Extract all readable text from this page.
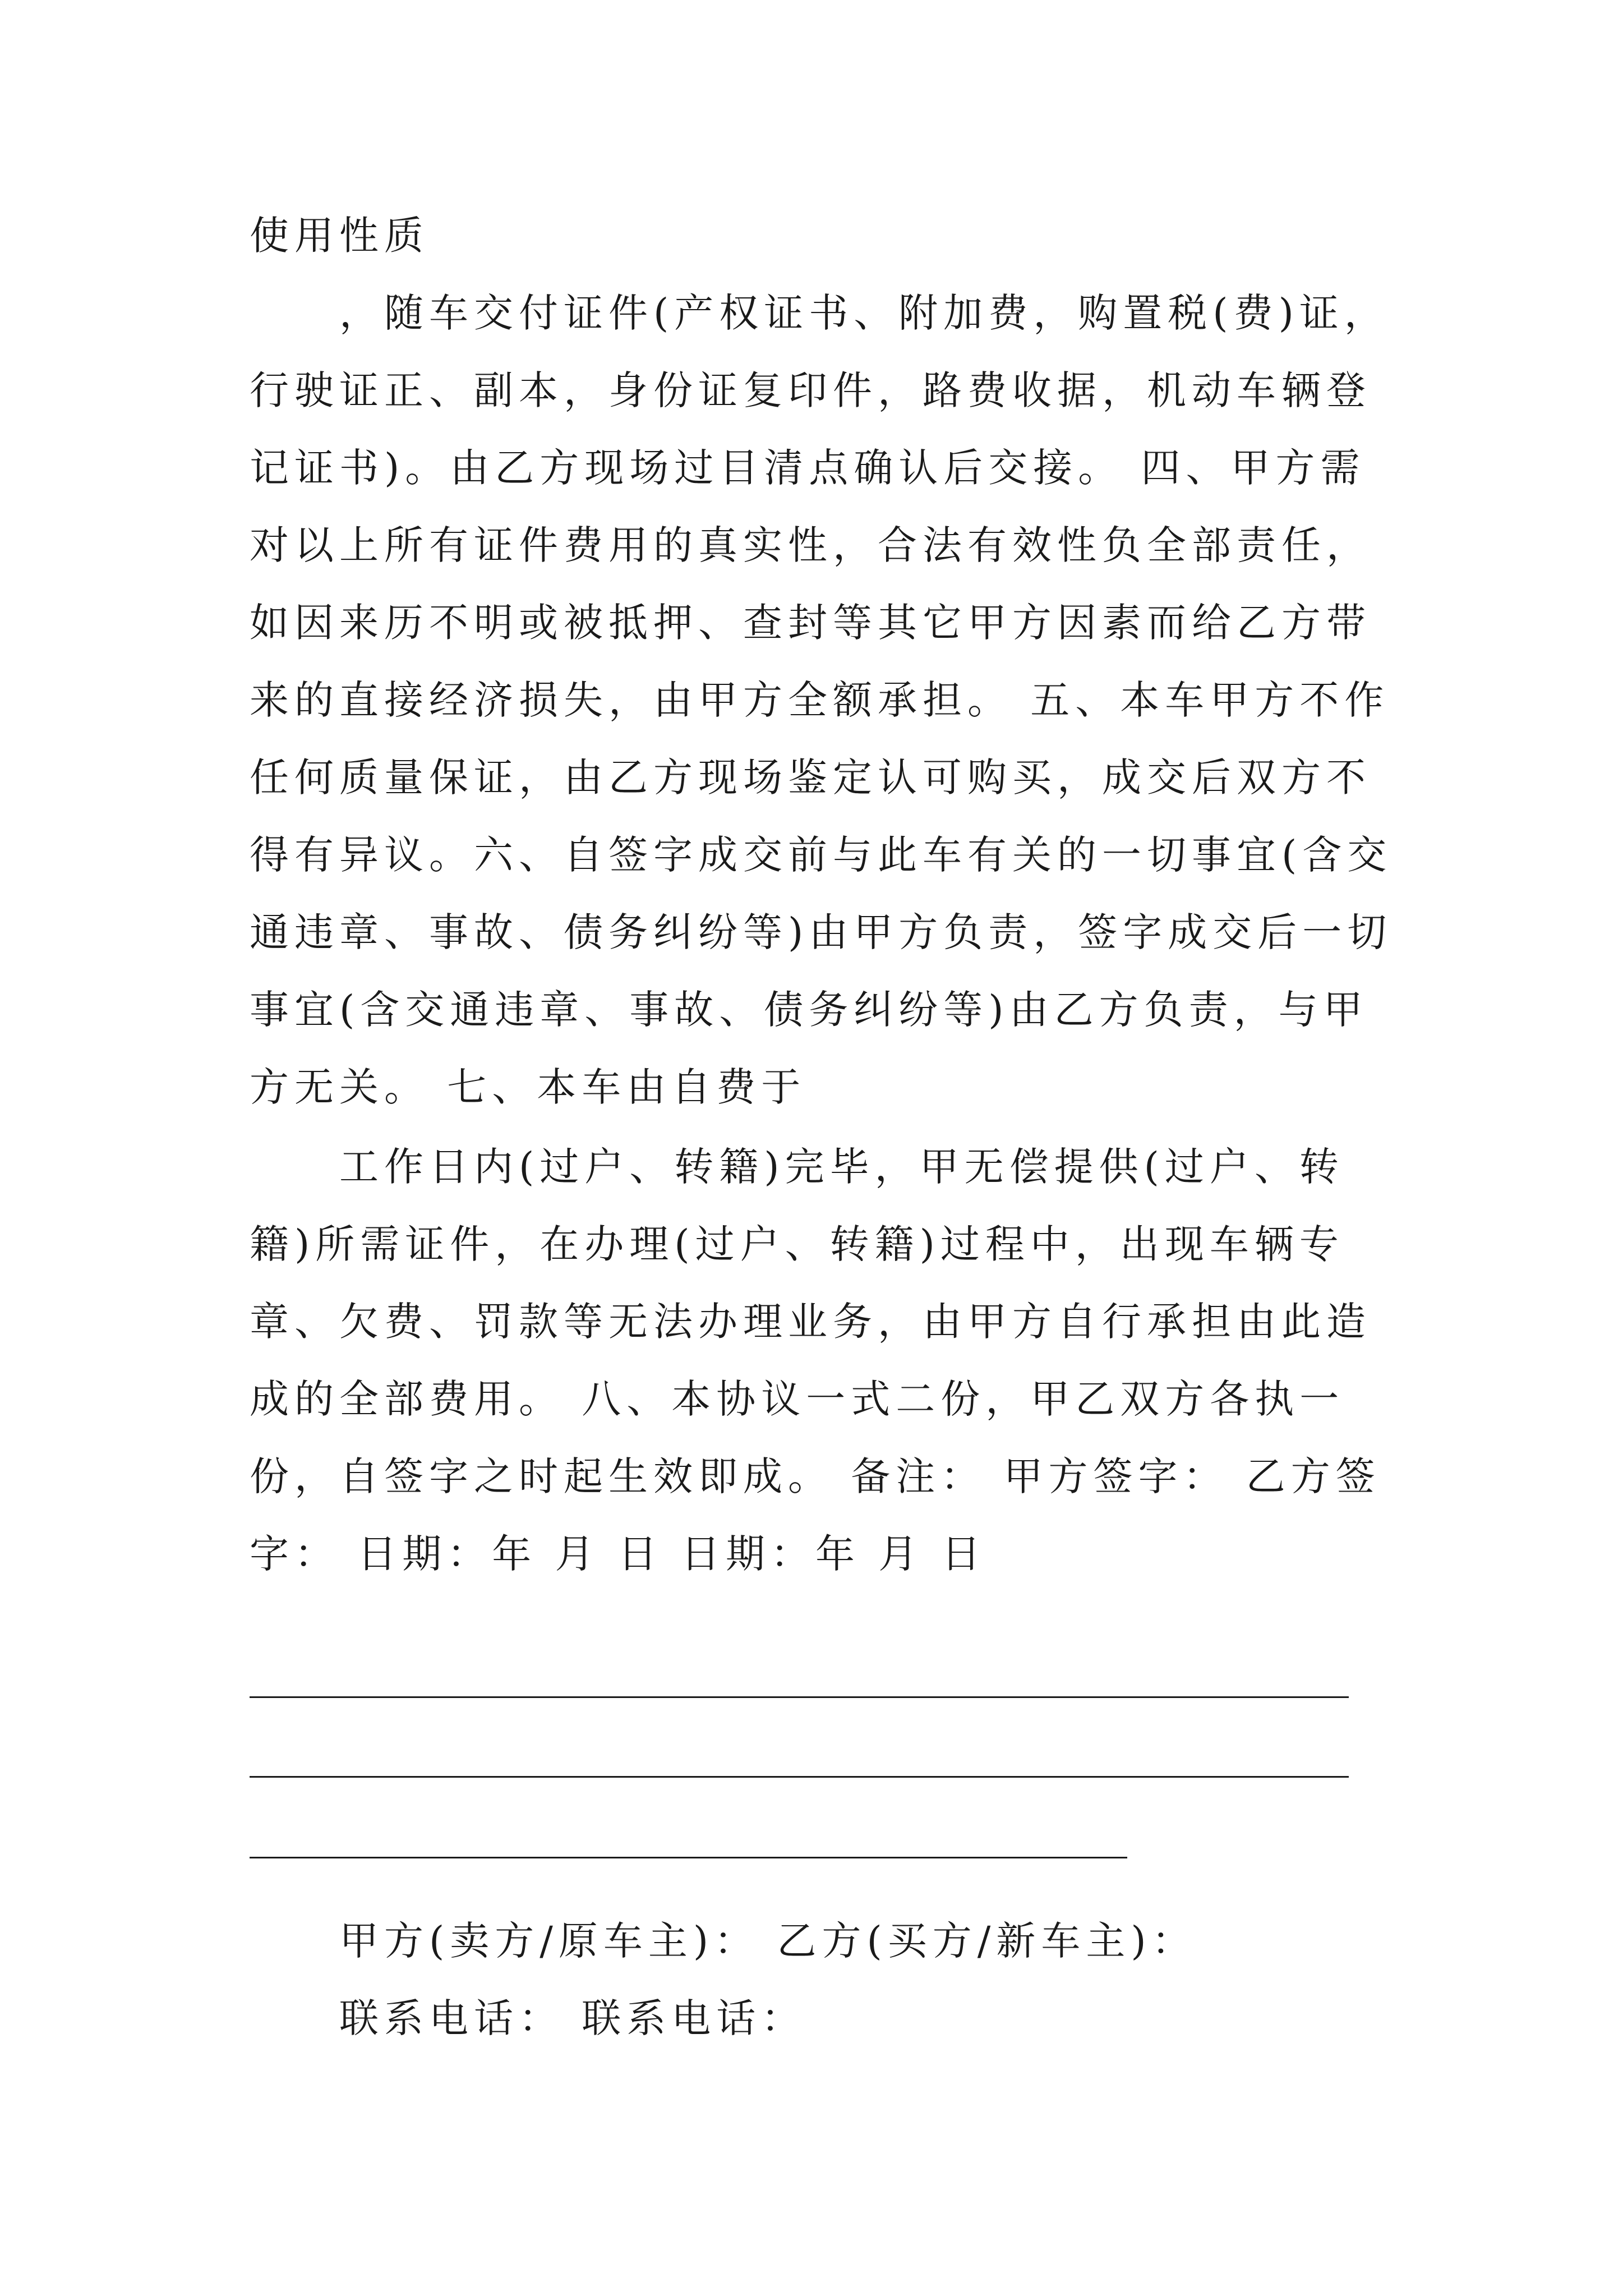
使用性质
，随车交付证件(产权证书、附加费，购置税(费)证，行驶证正、副本，身份证复印件，路费收据，机动车辆登记证书)。由乙方现场过目清点确认后交接。 四、甲方需对以上所有证件费用的真实性，合法有效性负全部责任，如因来历不明或被抵押、查封等其它甲方因素而给乙方带来的直接经济损失，由甲方全额承担。 五、本车甲方不作任何质量保证，由乙方现场鉴定认可购买，成交后双方不得有异议。六、自签字成交前与此车有关的一切事宜(含交通违章、事故、债务纠纷等)由甲方负责，签字成交后一切事宜(含交通违章、事故、债务纠纷等)由乙方负责，与甲方无关。 七、本车由自费于
工作日内(过户、转籍)完毕，甲无偿提供(过户、转籍)所需证件，在办理(过户、转籍)过程中，出现车辆专章、欠费、罚款等无法办理业务，由甲方自行承担由此造成的全部费用。 八、本协议一式二份，甲乙双方各执一份，自签字之时起生效即成。 备注： 甲方签字： 乙方签字： 日期：年 月 日 日期：年 月 日
甲方(卖方/原车主)： 乙方(买方/新车主)：
联系电话： 联系电话：
